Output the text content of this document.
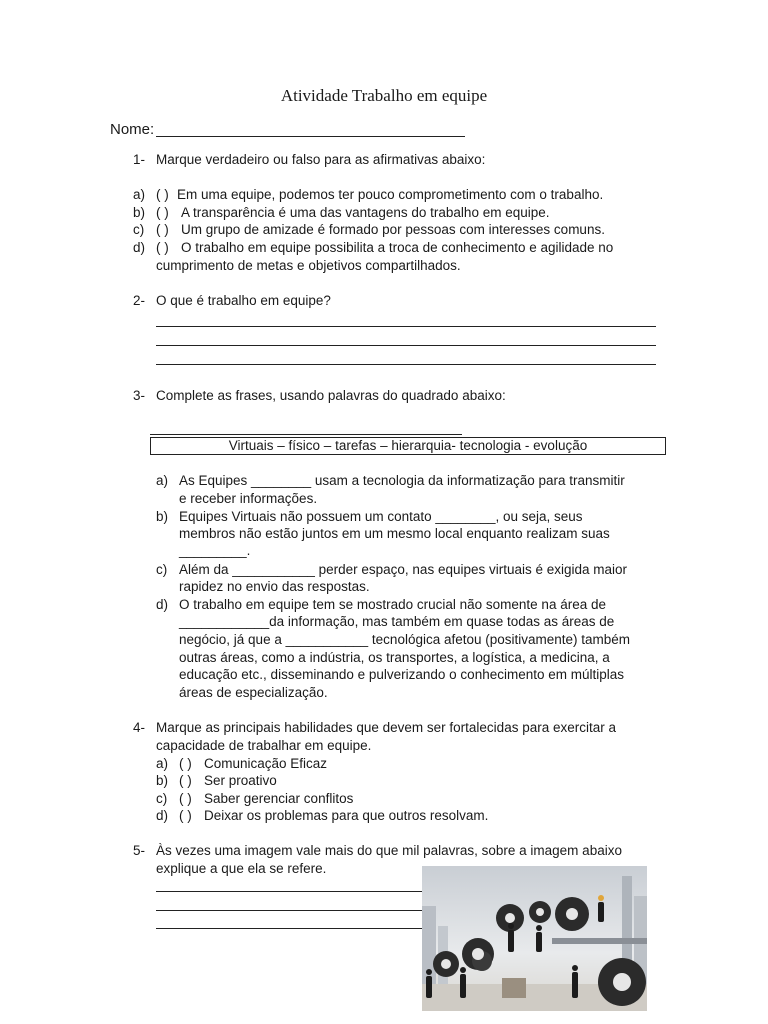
Atividade Trabalho em equipe
Nome:
1- Marque verdadeiro ou falso para as afirmativas abaixo:
a) ( ) Em uma equipe, podemos ter pouco comprometimento com o trabalho.
b) ( ) A transparência é uma das vantagens do trabalho em equipe.
c) ( ) Um grupo de amizade é formado por pessoas com interesses comuns.
d) ( ) O trabalho em equipe possibilita a troca de conhecimento e agilidade no
cumprimento de metas e objetivos compartilhados.
2- O que é trabalho em equipe?
3- Complete as frases, usando palavras do quadrado abaixo:
Virtuais – físico – tarefas – hierarquia- tecnologia - evolução
a) As Equipes ________ usam a tecnologia da informatização para transmitir
e receber informações.
b) Equipes Virtuais não possuem um contato ________, ou seja, seus
membros não estão juntos em um mesmo local enquanto realizam suas
_________.
c) Além da ___________ perder espaço, nas equipes virtuais é exigida maior
rapidez no envio das respostas.
d) O trabalho em equipe tem se mostrado crucial não somente na área de
____________da informação, mas também em quase todas as áreas de
negócio, já que a ___________ tecnológica afetou (positivamente) também
outras áreas, como a indústria, os transportes, a logística, a medicina, a
educação etc., disseminando e pulverizando o conhecimento em múltiplas
áreas de especialização.
4- Marque as principais habilidades que devem ser fortalecidas para exercitar a
capacidade de trabalhar em equipe.
a) ( ) Comunicação Eficaz
b) ( ) Ser proativo
c) ( ) Saber gerenciar conflitos
d) ( ) Deixar os problemas para que outros resolvam.
5- Às vezes uma imagem vale mais do que mil palavras, sobre a imagem abaixo
explique a que ela se refere.
